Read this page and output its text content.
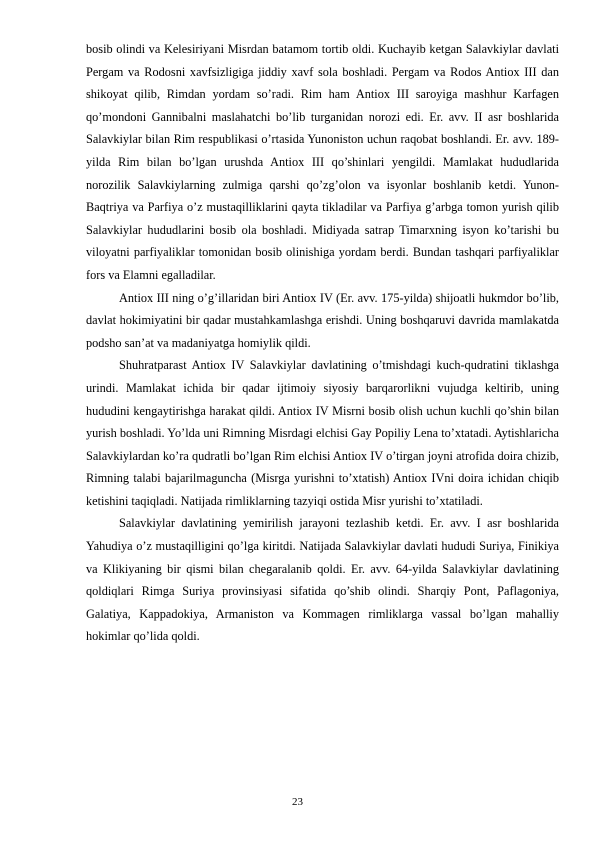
bosib olindi va Kelesiriyani Misrdan batamom tortib oldi. Kuchayib ketgan Salavkiylar davlati Pergam va Rodosni xavfsizligiga jiddiy xavf sola boshladi. Pergam va Rodos Antiox III dan shikoyat qilib, Rimdan yordam so’radi. Rim ham Antiox III saroyiga mashhur Karfagen qo’mondoni Gannibalni maslahatchi bo’lib turganidan norozi edi. Er. avv. II asr boshlarida Salavkiylar bilan Rim respublikasi o’rtasida Yunoniston uchun raqobat boshlandi. Er. avv. 189-yilda Rim bilan bo’lgan urushda Antiox III qo’shinlari yengildi. Mamlakat hududlarida norozilik Salavkiylarning zulmiga qarshi qo’zg’olon va isyonlar boshlanib ketdi. Yunon-Baqtriya va Parfiya o’z mustaqilliklarini qayta tikladilar va Parfiya g’arbga tomon yurish qilib Salavkiylar hududlarini bosib ola boshladi. Midiyada satrap Timarxning isyon ko’tarishi bu viloyatni parfiyaliklar tomonidan bosib olinishiga yordam berdi. Bundan tashqari parfiyaliklar fors va Elamni egalladilar.

Antiox III ning o’g’illaridan biri Antiox IV (Er. avv. 175-yilda) shijoatli hukmdor bo’lib, davlat hokimiyatini bir qadar mustahkamlashga erishdi. Uning boshqaruvi davrida mamlakatda podsho san’at va madaniyatga homiylik qildi.

Shuhratparast Antiox IV Salavkiylar davlatining o’tmishdagi kuch-qudratini tiklashga urindi. Mamlakat ichida bir qadar ijtimoiy siyosiy barqarorlikni vujudga keltirib, uning hududini kengaytirishga harakat qildi. Antiox IV Misrni bosib olish uchun kuchli qo’shin bilan yurish boshladi. Yo’lda uni Rimning Misrdagi elchisi Gay Popiliy Lena to’xtatadi. Aytishlaricha Salavkiylardan ko’ra qudratli bo’lgan Rim elchisi Antiox IV o’tirgan joyni atrofida doira chizib, Rimning talabi bajarilmaguncha (Misrga yurishni to’xtatish) Antiox IVni doira ichidan chiqib ketishini taqiqladi. Natijada rimliklarning tazyiqi ostida Misr yurishi to’xtatiladi.

Salavkiylar davlatining yemirilish jarayoni tezlashib ketdi. Er. avv. I asr boshlarida Yahudiya o’z mustaqilligini qo’lga kiritdi. Natijada Salavkiylar davlati hududi Suriya, Finikiya va Klikiyaning bir qismi bilan chegaralanib qoldi. Er. avv. 64-yilda Salavkiylar davlatining qoldiqlari Rimga Suriya provinsiyasi sifatida qo’shib olindi. Sharqiy Pont, Paflagoniya, Galatiya, Kappadokiya, Armaniston va Kommagen rimliklarga vassal bo’lgan mahalliy hokimlar qo’lida qoldi.

23
